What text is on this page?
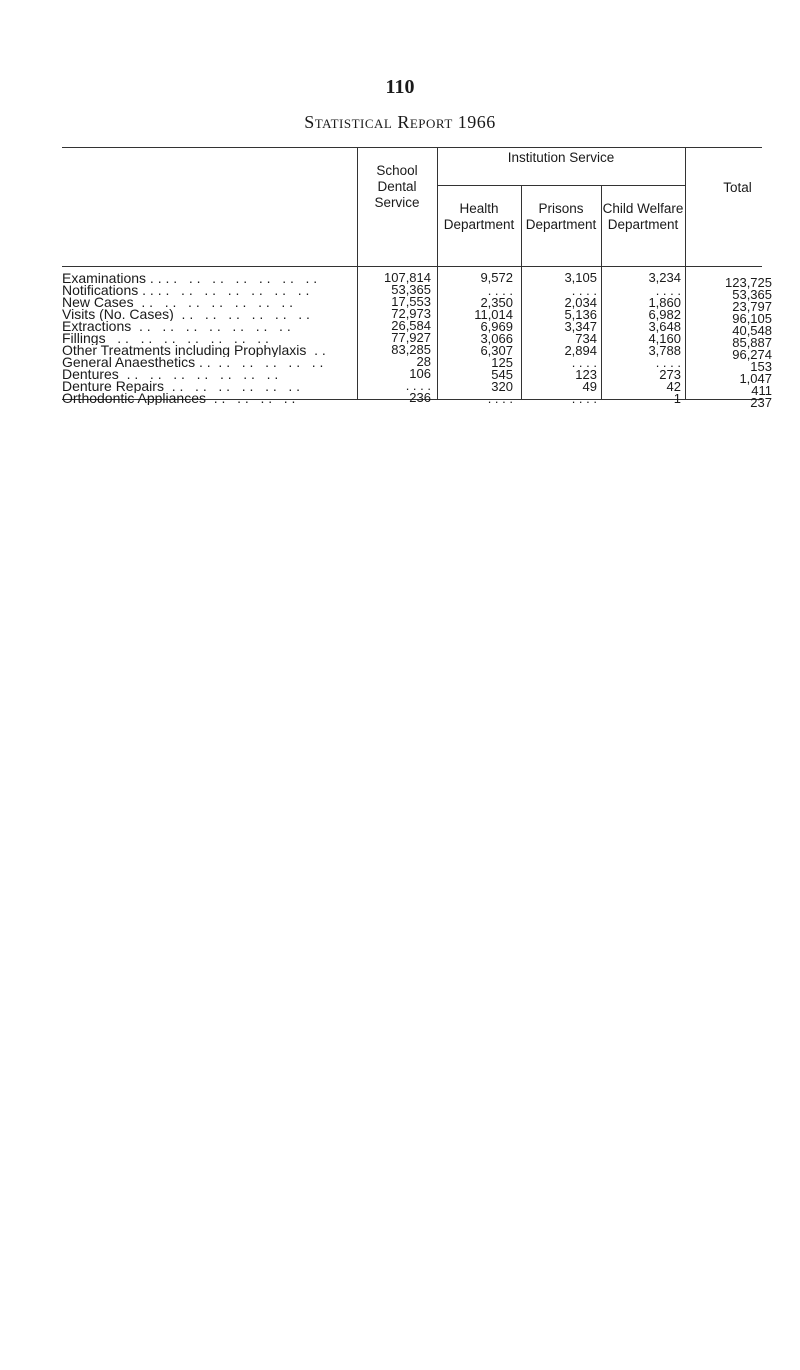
110
Statistical Report 1966
School
Dental
Service
Institution Service
Health
Department
Prisons
Department
Child Welfare
Department
Total
Examinations . . . .   . .   . .   . .   . .   . .   . .	107,814	9,572	3,105	3,234	123,725
Notifications . . . .   . .   . .   . .   . .   . .   . .	53,365	. . . .	. . . .	. . . .	53,365
New Cases  . .   . .   . .   . .   . .   . .   . .	17,553	2,350	2,034	1,860	23,797
Visits (No. Cases)  . .   . .   . .   . .   . .   . .	72,973	11,014	5,136	6,982	96,105
Extractions  . .   . .   . .   . .   . .   . .   . .	26,584	6,969	3,347	3,648	40,548
Fillings   . .   . .   . .   . .   . .   . .   . .	77,927	3,066	734	4,160	85,887
Other Treatments including Prophylaxis  . .	83,285	6,307	2,894	3,788	96,274
General Anaesthetics . .  . .   . .   . .   . .   . .	28	125	. . . .	. . . .	153
Dentures  . .   . .   . .   . .   . .   . .   . .	106	545	123	273	1,047
Denture Repairs  . .   . .   . .   . .   . .   . .	. . . .	320	49	42	411
Orthodontic Appliances  . .   . .   . .   . .	236	. . . .	. . . .	1	237
